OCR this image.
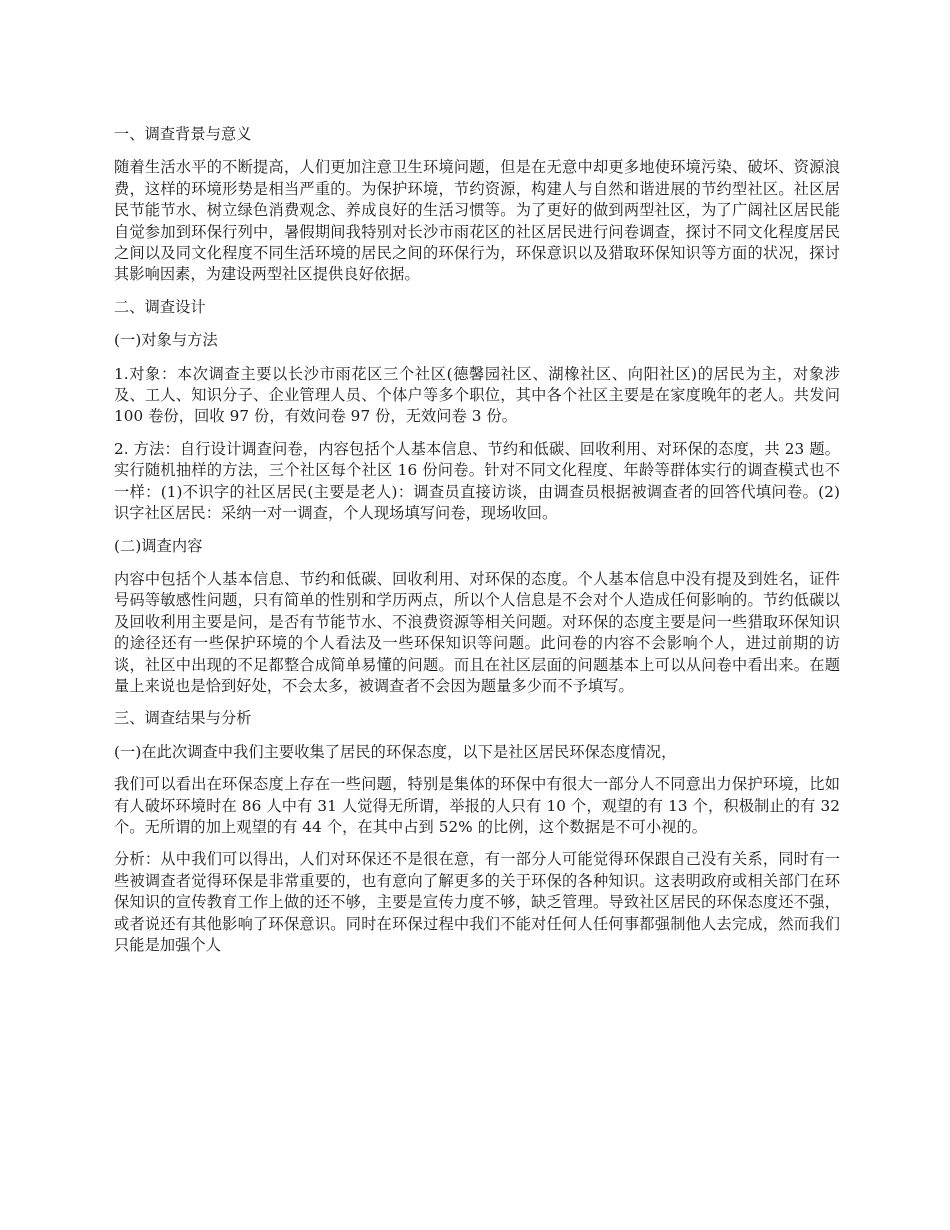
一、调查背景与意义

随着生活水平的不断提高，人们更加注意卫生环境问题，但是在无意中却更多地使环境污染、破坏、资源浪费，这样的环境形势是相当严重的。为保护环境，节约资源，构建人与自然和谐进展的节约型社区。社区居民节能节水、树立绿色消费观念、养成良好的生活习惯等。为了更好的做到两型社区，为了广阔社区居民能自觉参加到环保行列中，暑假期间我特别对长沙市雨花区的社区居民进行问卷调查，探讨不同文化程度居民之间以及同文化程度不同生活环境的居民之间的环保行为，环保意识以及猎取环保知识等方面的状况，探讨其影响因素，为建设两型社区提供良好依据。

二、调查设计

(一)对象与方法

1.对象：本次调查主要以长沙市雨花区三个社区(德馨园社区、湖橡社区、向阳社区)的居民为主，对象涉及、工人、知识分子、企业管理人员、个体户等多个职位，其中各个社区主要是在家度晚年的老人。共发问 100 卷份，回收 97 份，有效问卷 97 份，无效问卷 3 份。

2. 方法：自行设计调查问卷，内容包括个人基本信息、节约和低碳、回收利用、对环保的态度，共 23 题。实行随机抽样的方法，三个社区每个社区 16 份问卷。针对不同文化程度、年龄等群体实行的调查模式也不一样：(1)不识字的社区居民(主要是老人)：调查员直接访谈，由调查员根据被调查者的回答代填问卷。(2)识字社区居民：采纳一对一调查，个人现场填写问卷，现场收回。

(二)调查内容

内容中包括个人基本信息、节约和低碳、回收利用、对环保的态度。个人基本信息中没有提及到姓名，证件号码等敏感性问题，只有简单的性别和学历两点，所以个人信息是不会对个人造成任何影响的。节约低碳以及回收利用主要是问，是否有节能节水、不浪费资源等相关问题。对环保的态度主要是问一些猎取环保知识的途径还有一些保护环境的个人看法及一些环保知识等问题。此问卷的内容不会影响个人，进过前期的访谈，社区中出现的不足都整合成简单易懂的问题。而且在社区层面的问题基本上可以从问卷中看出来。在题量上来说也是恰到好处，不会太多，被调查者不会因为题量多少而不予填写。

三、调查结果与分析

(一)在此次调查中我们主要收集了居民的环保态度，以下是社区居民环保态度情况，

我们可以看出在环保态度上存在一些问题，特别是集体的环保中有很大一部分人不同意出力保护环境，比如有人破坏环境时在 86 人中有 31 人觉得无所谓，举报的人只有 10 个，观望的有 13 个，积极制止的有 32 个。无所谓的加上观望的有 44 个，在其中占到 52% 的比例，这个数据是不可小视的。

分析：从中我们可以得出，人们对环保还不是很在意，有一部分人可能觉得环保跟自己没有关系，同时有一些被调查者觉得环保是非常重要的，也有意向了解更多的关于环保的各种知识。这表明政府或相关部门在环保知识的宣传教育工作上做的还不够，主要是宣传力度不够，缺乏管理。导致社区居民的环保态度还不强，或者说还有其他影响了环保意识。同时在环保过程中我们不能对任何人任何事都强制他人去完成，然而我们只能是加强个人
